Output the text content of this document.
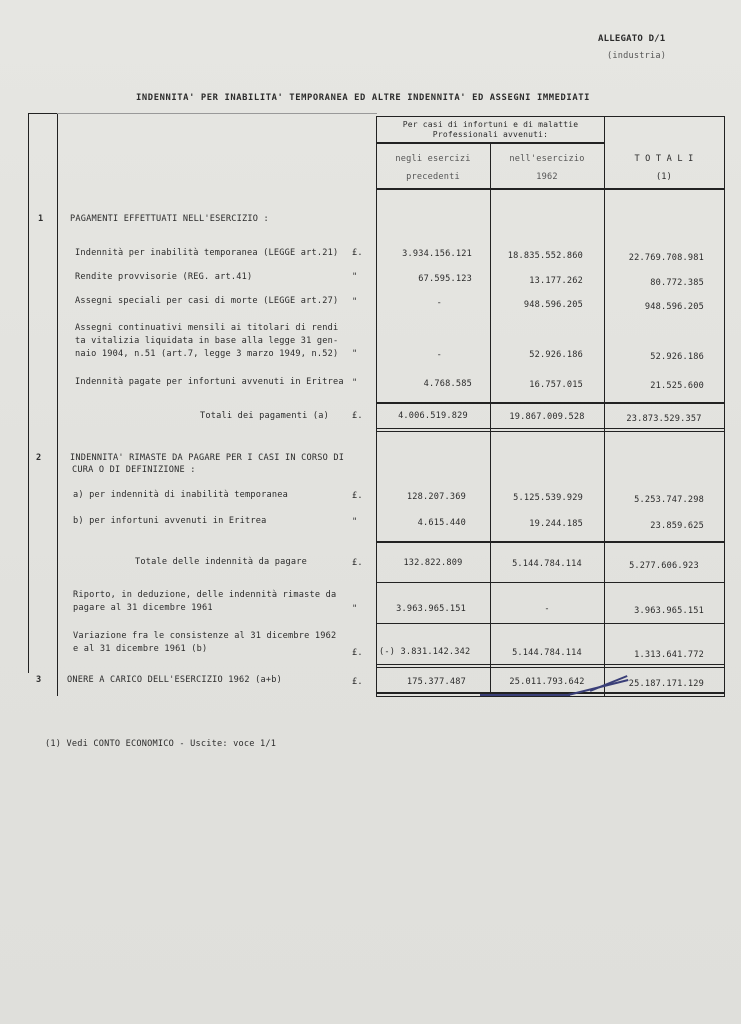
ALLEGATO D/1
(industria)
INDENNITA' PER INABILITA' TEMPORANEA ED ALTRE INDENNITA' ED ASSEGNI IMMEDIATI
Per casi di infortuni e di malattie
Professionali avvenuti:
negli esercizi
precedenti
nell'esercizio
1962
T O T A L I
(1)
1	PAGAMENTI EFFETTUATI NELL'ESERCIZIO :
Indennità per inabilità temporanea (LEGGE art.21) £.	3.934.156.121	18.835.552.860	22.769.708.981
Rendite provvisorie (REG. art.41)	"	67.595.123	13.177.262	80.772.385
Assegni speciali per casi di morte (LEGGE art.27) "	-	948.596.205	948.596.205
Assegni continuativi mensili ai titolari di rendi
ta vitalizia liquidata in base alla legge 31 gen-
naio 1904, n.51 (art.7, legge 3 marzo 1949, n.52) "	-	52.926.186	52.926.186
Indennità pagate per infortuni avvenuti in Eritrea "	4.768.585	16.757.015	21.525.600
Totali dei pagamenti (a)	£.	4.006.519.829	19.867.009.528	23.873.529.357
2	INDENNITA' RIMASTE DA PAGARE PER I CASI IN CORSO DI
CURA O DI DEFINIZIONE :
a) per indennità di inabilità temporanea	£.	128.207.369	5.125.539.929	5.253.747.298
b) per infortuni avvenuti in Eritrea	"	4.615.440	19.244.185	23.859.625
Totale delle indennità da pagare	£.	132.822.809	5.144.784.114	5.277.606.923
Riporto, in deduzione, delle indennità rimaste da
pagare al 31 dicembre 1961	"	3.963.965.151	-	3.963.965.151
Variazione fra le consistenze al 31 dicembre 1962
e al 31 dicembre 1961 (b)	£. (-) 3.831.142.342	5.144.784.114	1.313.641.772
3	ONERE A CARICO DELL'ESERCIZIO 1962 (a+b)	£.	175.377.487	25.011.793.642	25.187.171.129
(1) Vedi CONTO ECONOMICO - Uscite: voce 1/1
